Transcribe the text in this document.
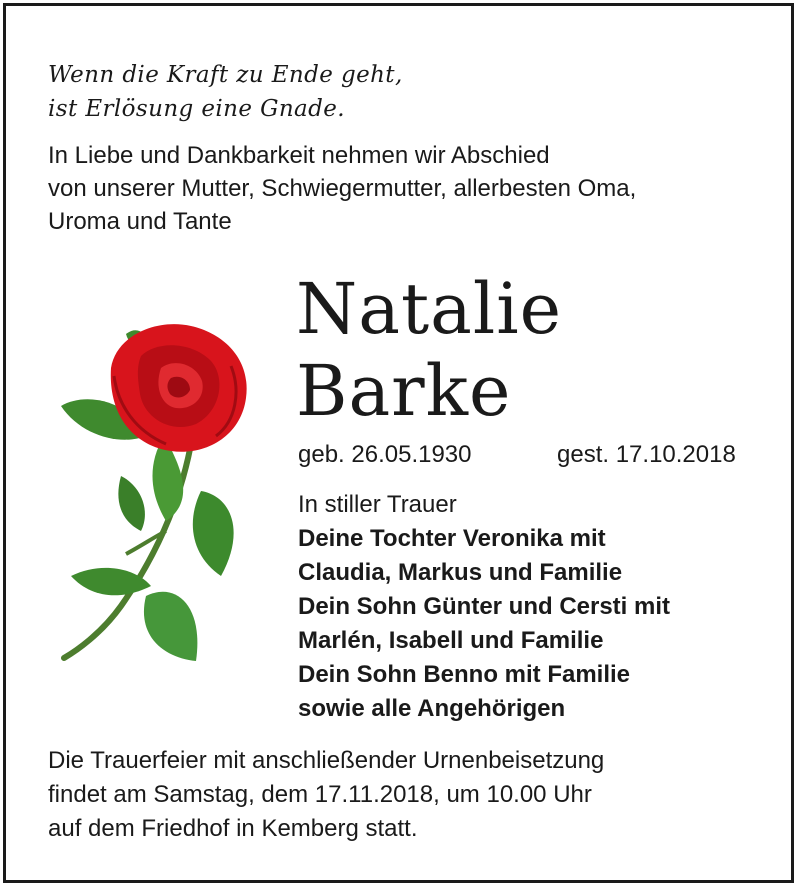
Wenn die Kraft zu Ende geht,
ist Erlösung eine Gnade.
In Liebe und Dankbarkeit nehmen wir Abschied
von unserer Mutter, Schwiegermutter, allerbesten Oma,
Uroma und Tante
Natalie
Barke
geb. 26.05.1930	gest. 17.10.2018
In stiller Trauer
Deine Tochter Veronika mit
Claudia, Markus und Familie
Dein Sohn Günter und Cersti mit
Marlén, Isabell und Familie
Dein Sohn Benno mit Familie
sowie alle Angehörigen
Die Trauerfeier mit anschließender Urnenbeisetzung
findet am Samstag, dem 17.11.2018, um 10.00 Uhr
auf dem Friedhof in Kemberg statt.
